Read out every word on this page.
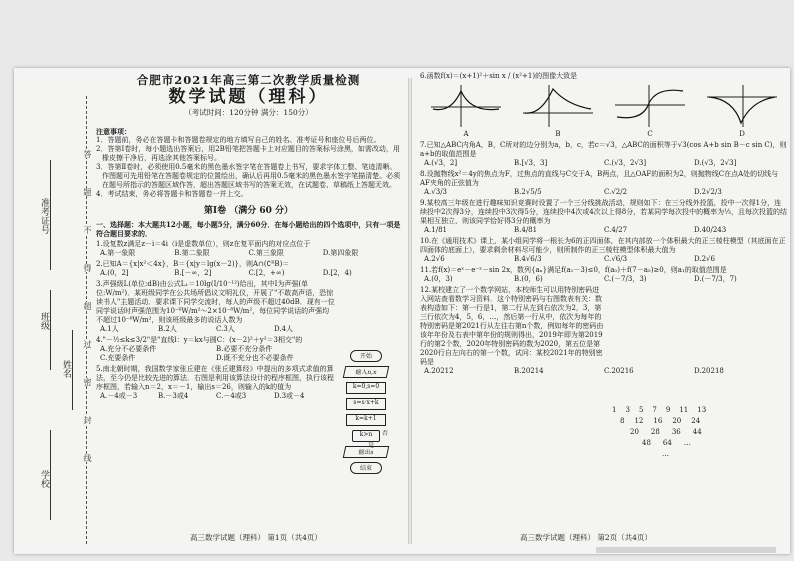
准考证号
班级
姓名
学校
答
题
不
得
超
过
密
封
线
合肥市2021年高三第二次教学质量检测
数学试题（理科）
（考试时间：120分钟 满分：150分）
注意事项：
1．答题前，务必在答题卡和答题卷规定的地方填写自己的姓名、准考证号和座位号后两位。
2．答第Ⅰ卷时，每小题选出答案后，用2B铅笔把答题卡上对应题目的答案标号涂黑，如需改动，用橡皮擦干净后，再选涂其他答案标号。
3．答第Ⅱ卷时，必须使用0.5毫米的黑色墨水签字笔在答题卷上书写，要求字体工整、笔迹清晰。作图题可先用铅笔在答题卷规定的位置绘出，确认后再用0.5毫米的黑色墨水签字笔描清楚。必须在题号所指示的答题区域作答，超出答题区域书写的答案无效，在试题卷、草稿纸上答题无效。
4．考试结束，务必将答题卡和答题卷一并上交。
第Ⅰ卷 （满分 60 分）
一、选择题：本大题共12小题，每小题5分，满分60分．在每小题给出的四个选项中，只有一项是符合题目要求的．
1.设复数z满足z－i＝4i（i是虚数单位），则z在复平面内的对应点位于
A.第一象限	B.第二象限	C.第三象限	D.第四象限
2.已知A＝{x|x²＜4x}，B＝{x|y＝lg(x－2)}，则A∩(∁ᴿB)＝
A.(0，2]	B.[－∞，2]	C.[2，+∞)	D.[2，4)
3.声强级L(单位:dB)由公式L₁＝10lg(I/10⁻¹²)给出，其中I为声强(单位:W/m²)．某班级同学在公共场所倡议文明礼仪，开展了"不敢高声语，恐惊读书人"主题活动．要求课下同学交流时，每人的声级不超过40dB．现有一位同学说话时声强范围为10⁻⁶W/m²～2×10⁻⁸W/m²，每位同学说话的声强均不超过10⁻⁸W/m²，则该班级最多的说话人数为
A.1人	B.2人	C.3人	D.4人
4."－½≤k≤3/2"是"直线l：y＝kx与圆C：(x－2)²＋y²＝3相交"的
A.充分不必要条件	B.必要不充分条件
C.充要条件	D.既不充分也不必要条件
5.南北朝时期，我国数学家张丘建在《张丘建算经》中提出的多项式求值的算法，至今仍是比较先进的算法．右图是利用该算法设计的程序框图，执行该程序框图，若输入n＝2，x＝－1，输出s＝26，则输入的k的值为
A.－4或－3	B.－3或4	C.－4或3	D.3或－4
开始
输入n,x
k=0,s=0
s=s·x+k
k=k+1
k>n
输出s
结束
是
否
6.函数f(x)＝(x+1)²＋sin x / (x²+1)的图像大致是
A	B	C	D
7.已知△ABC内角A，B，C所对的边分别为a，b，c，若c＝√3，△ABC的面积等于√3(cos A+b sin B－c sin C)，则a+b的取值范围是
A.(√3，2]	B.[√3，3]	C.(√3，2√3]	D.(√3，2√3]
8.设抛物线x²＝4y的焦点为F，过焦点的直线与C交于A，B两点，且△OAF的面积为2，则抛物线C在点A处的切线与AF夹角的正弦值为
A.√3/3	B.2√5/5	C.√2/2	D.2√2/3
9.某校高三年级在进行趣味知识竞赛时设置了一个三分线挑战活动，规则如下：在三分线外投篮，投中一次得1分，连续投中2次得3分，连续投中3次得5分，连续投中4次或4次以上得8分，若某同学每次投中的概率为⅓，且每次投篮的结果相互独立，则该同学恰好得3分的概率为
A.1/81	B.4/81	C.4/27	D.40/243
10.在《通用技术》课上，某小组同学将一根长为6的正四面体，在其内部放一个体积最大的正三棱柱模型（其底面在正四面体的底面上），要求剩余材料尽可能少，则所制作的正三棱柱模型体积最大值为
A.2√6	B.4√6/3	C.√6/3	D.2√6
11.若f(x)＝eˣ－e⁻ˣ－sin 2x，数列{aₙ}满足f(a₁－3)≤0，f(a₅)＋f(7－a₅)≥0，则a₁的取值范围是
A.(0，3)	B.(0，6)	C.(－7/3，3)	D.(－7/3，7)
12.某校建立了一个数学网站，本校师生可以用特别密码进入网站查看数学习资料．这个特别密码与右图数表有关：数表构造如下：第一行是1，第二行从左到右依次为2，3，第三行依次为4，5，6，…，然后第一行从中，依次为每年的特别密码是第2021行从左往右第n个数，例如每年的密码由该年年份及右表中第年份的规则得出，2019年即为第2019行的第2个数，2020年特别密码的数为2020，第五位是第2020行自左向右的第一个数，试问：某校2021年的特别密码是
A.20212	B.20214	C.20216	D.20218
1 3 5 7 9 11 13
8 12 16 20 24
20 28 36 44
48 64 …
…
高三数学试题（理科） 第1页（共4页）	高三数学试题（理科） 第2页（共4页）
